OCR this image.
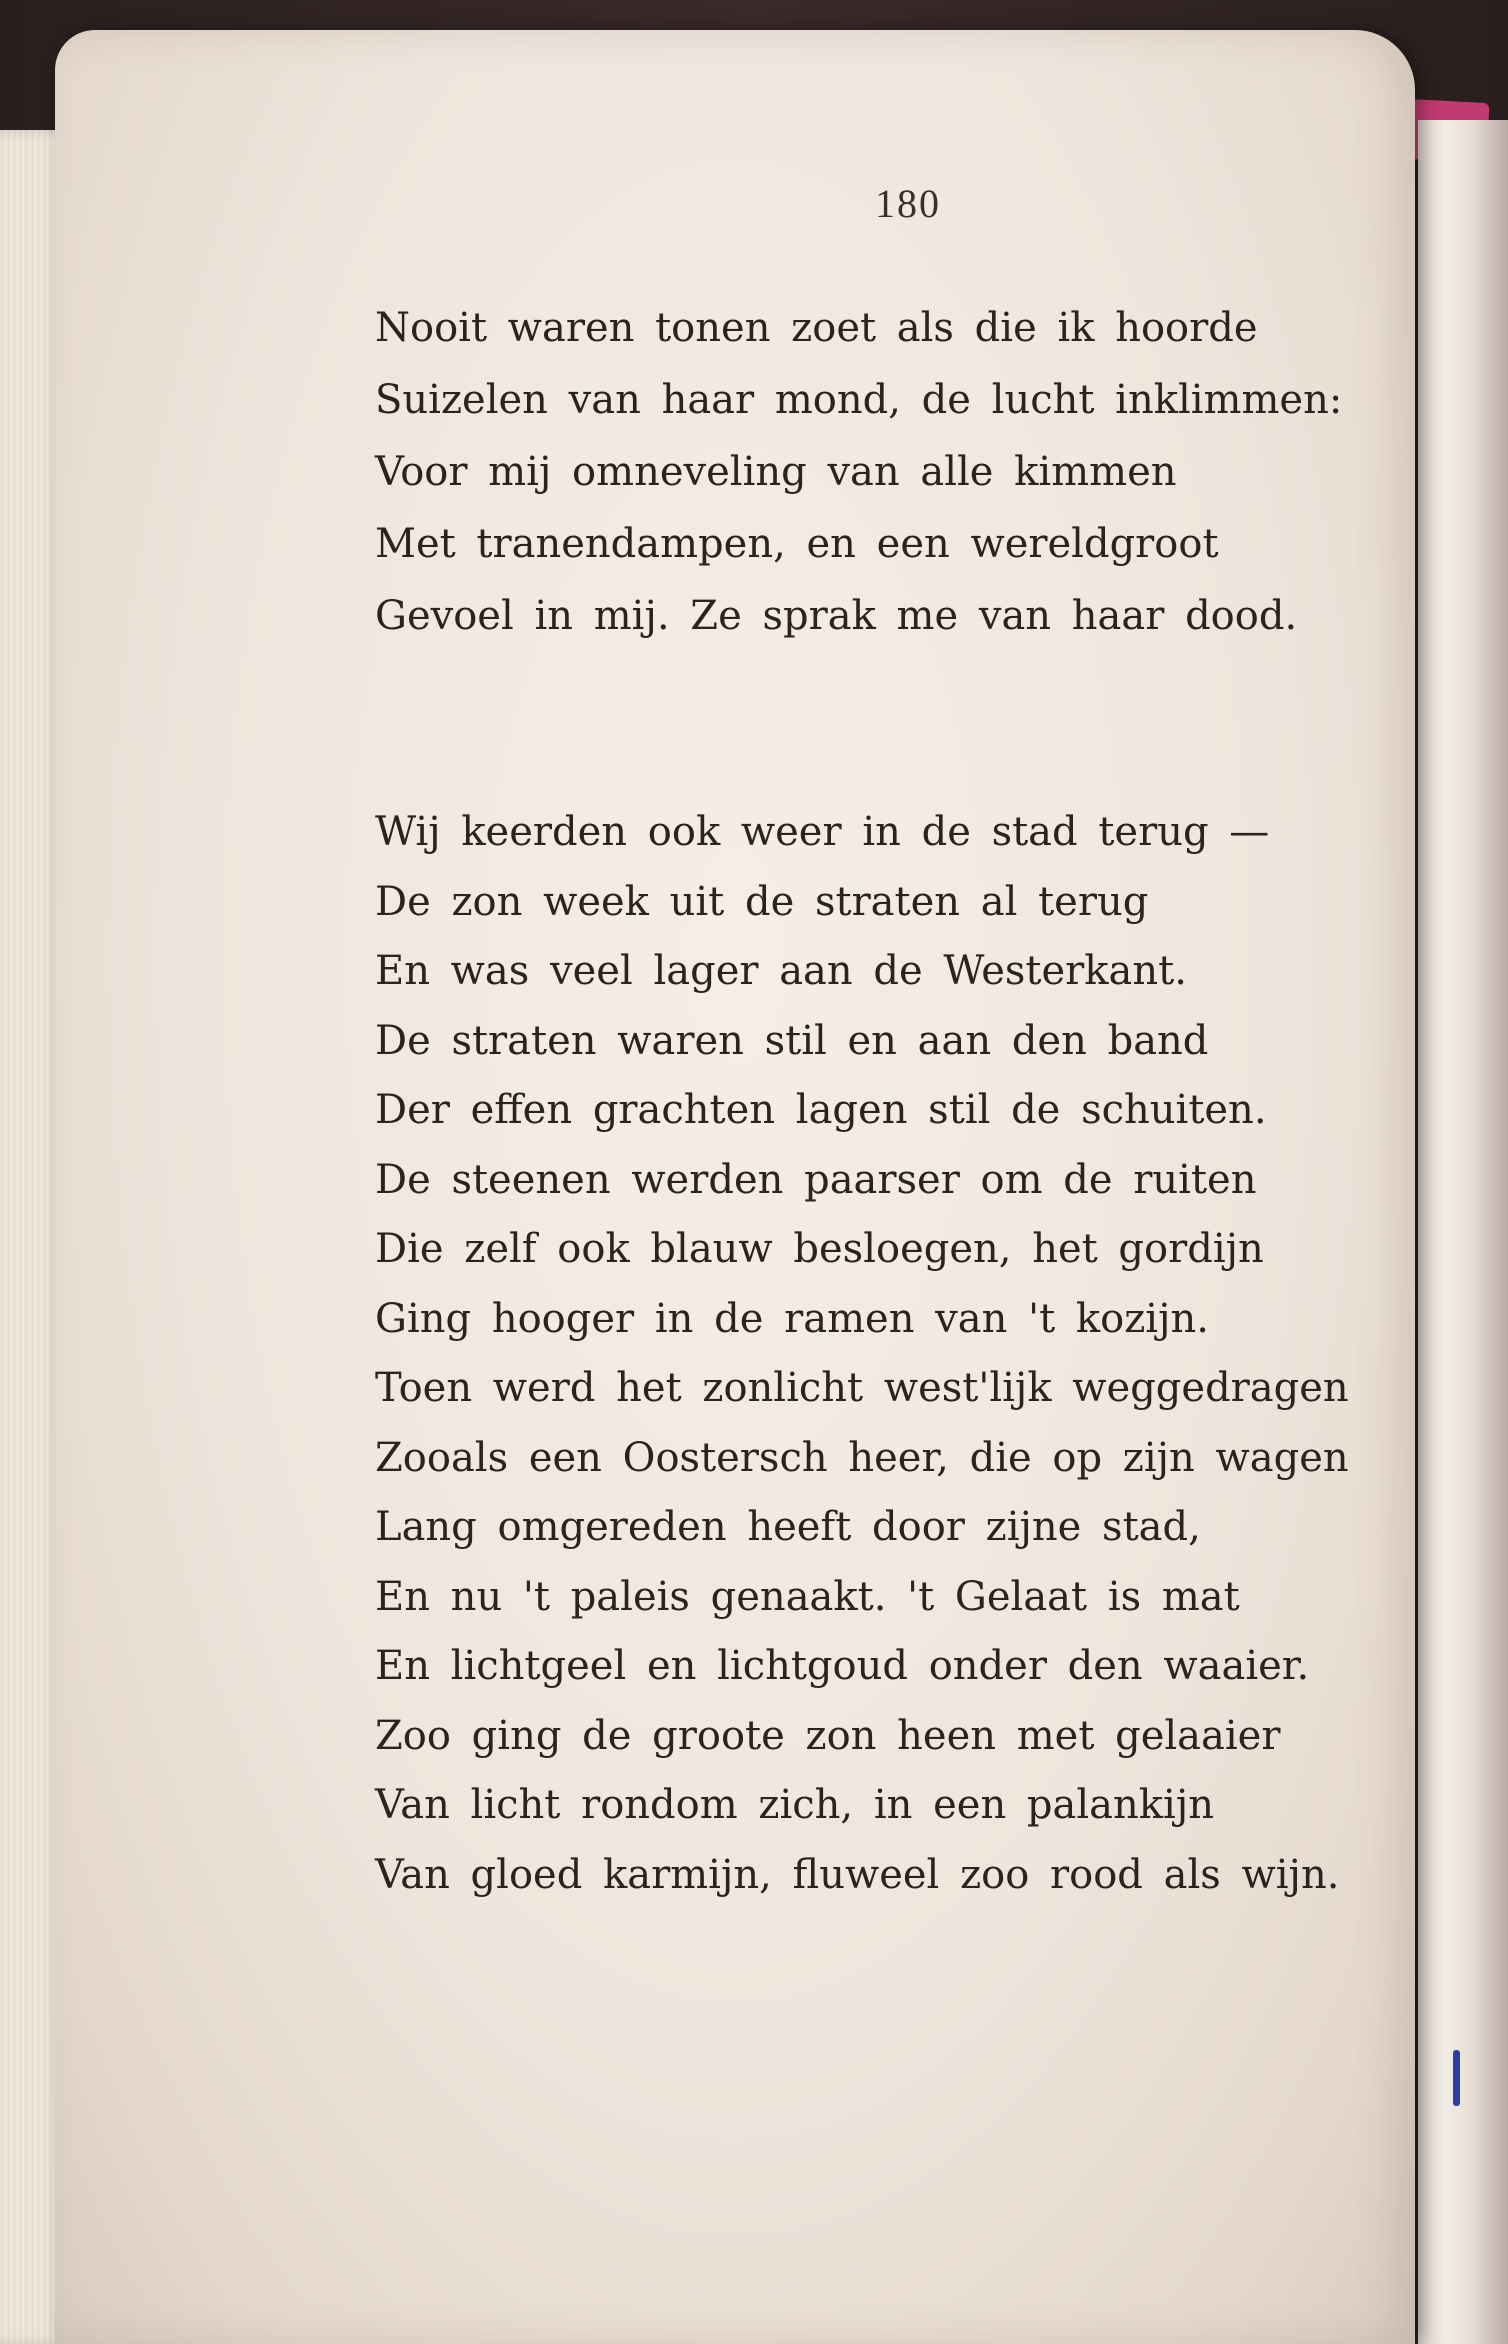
180
Nooit waren tonen zoet als die ik hoorde
Suizelen van haar mond, de lucht inklimmen:
Voor mij omneveling van alle kimmen
Met tranendampen, en een wereldgroot
Gevoel in mij. Ze sprak me van haar dood.
Wij keerden ook weer in de stad terug —
De zon week uit de straten al terug
En was veel lager aan de Westerkant.
De straten waren stil en aan den band
Der effen grachten lagen stil de schuiten.
De steenen werden paarser om de ruiten
Die zelf ook blauw besloegen, het gordijn
Ging hooger in de ramen van 't kozijn.
Toen werd het zonlicht west'lijk weggedragen
Zooals een Oostersch heer, die op zijn wagen
Lang omgereden heeft door zijne stad,
En nu 't paleis genaakt. 't Gelaat is mat
En lichtgeel en lichtgoud onder den waaier.
Zoo ging de groote zon heen met gelaaier
Van licht rondom zich, in een palankijn
Van gloed karmijn, fluweel zoo rood als wijn.
